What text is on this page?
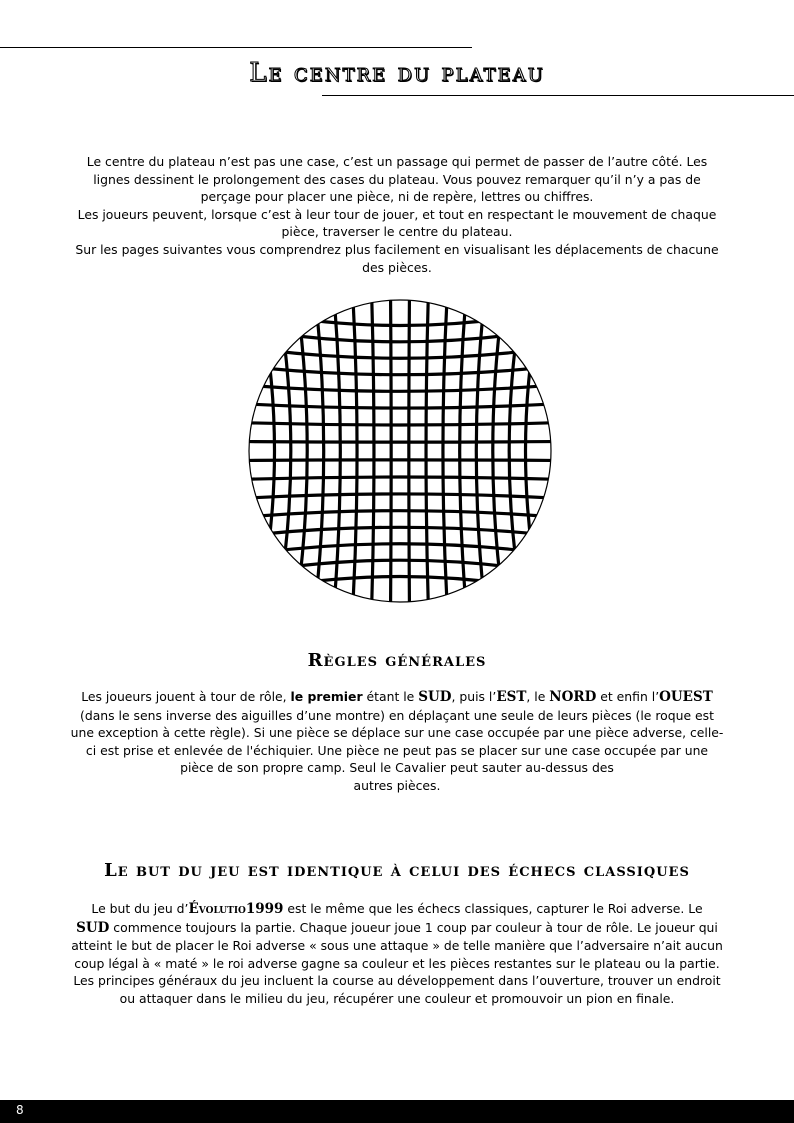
Le centre du plateau
Le centre du plateau n’est pas une case, c’est un passage qui permet de passer de l’autre côté. Les
lignes dessinent le prolongement des cases du plateau. Vous pouvez remarquer qu’il n’y a pas de
perçage pour placer une pièce, ni de repère, lettres ou chiffres.
Les joueurs peuvent, lorsque c’est à leur tour de jouer, et tout en respectant le mouvement de chaque
pièce, traverser le centre du plateau.
Sur les pages suivantes vous comprendrez plus facilement en visualisant les déplacements de chacune
des pièces.
Règles générales
Les joueurs jouent à tour de rôle, le premier étant le SUD, puis l’EST, le NORD et enfin l’OUEST
(dans le sens inverse des aiguilles d’une montre) en déplaçant une seule de leurs pièces (le roque est
une exception à cette règle). Si une pièce se déplace sur une case occupée par une pièce adverse, celle-
ci est prise et enlevée de l'échiquier. Une pièce ne peut pas se placer sur une case occupée par une
pièce de son propre camp. Seul le Cavalier peut sauter au-dessus des
autres pièces.
Le but du jeu est identique à celui des échecs classiques
Le but du jeu d’Évolutio1999 est le même que les échecs classiques, capturer le Roi adverse. Le
SUD commence toujours la partie. Chaque joueur joue 1 coup par couleur à tour de rôle. Le joueur qui
atteint le but de placer le Roi adverse « sous une attaque » de telle manière que l’adversaire n’ait aucun
coup légal à « maté » le roi adverse gagne sa couleur et les pièces restantes sur le plateau ou la partie.
Les principes généraux du jeu incluent la course au développement dans l’ouverture, trouver un endroit
ou attaquer dans le milieu du jeu, récupérer une couleur et promouvoir un pion en finale.
8
